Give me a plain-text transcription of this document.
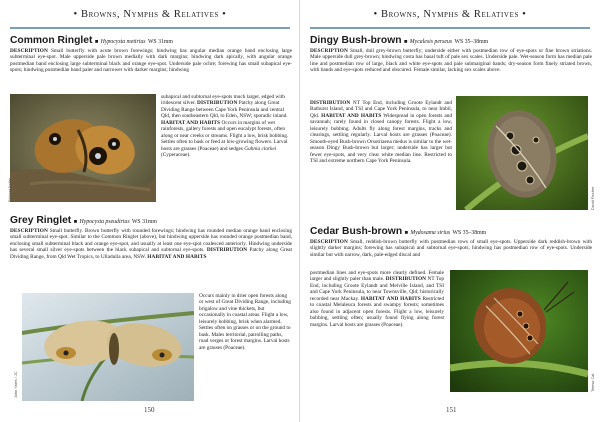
• Browns, Nymphs & Relatives •
Common Ringlet ■ Hypocysta metirius WS 31mm
DESCRIPTION Small butterfly with acute brown forewings; hindwing has angular median orange band enclosing large subterminal eye-spot. Male upperside pale brown medially with dark margins; hindwing dark apically, with angular orange postmedian band enclosing large subterminal black and orange eye-spot. Underside pale ochre; forewing has small subapical eye-spots; hindwing postmedian band paler and narrower with darker margins; hindwing
Richard Keller
subapical and subtornal eye-spots much larger, edged with iridescent silver. DISTRIBUTION Patchy along Great Dividing Range between Cape York Peninsula and central Qld, then southeastern Qld, to Eden, NSW; sporadic inland. HABITAT AND HABITS Occurs in margins of wet rainforests, gallery forests and open eucalypt forests, often along or near creeks or streams. Flight a low, brisk bobbing. Settles often to bask or feed at low-growing flowers. Larval hosts are grasses (Poaceae) and sedges Gahnia clarkei (Cyperaceae).
Grey Ringlet ■ Hypocysta pseudirius WS 31mm
DESCRIPTION Small butterfly. Brown butterfly with rounded forewings; hindwing has rounded median orange band enclosing small subterminal eye-spot. Similar to the Common Ringlet (above), but hindwing upperside has rounded orange postmedian band, enclosing small subterminal black and orange eye-spot, and usually at least one eye-spot coalesced anteriorly. Hindwing underside has several small silver eye-spots between the black subapical and subtornal eye-spots. DISTRIBUTION Patchy along Great Dividing Range, from Qld Wet Tropics, to Ulladulla area, NSW. HABITAT AND HABITS
John Yates / JC
Occurs mainly in drier open forests along or west of Great Dividing Range, including brigalow and vine thickets, but occasionally in coastal areas. Flight a low, leisurely bobbing, brisk when alarmed. Settles often on grasses or on the ground to bask. Males territorial, patrolling paths, road verges or forest margins. Larval hosts are grasses (Poaceae).
150
• Browns, Nymphs & Relatives •
Dingy Bush-brown ■ Mycalesis perseus WS 35–38mm
DESCRIPTION Small, dull grey-brown butterfly; underside either with postmedian row of eye-spots or fine brown striations. Male upperside dull grey-brown; hindwing costa has basal tuft of pale sex scales. Underside pale. Wet-season form has median pale line and postmedian row of large, black and white eye-spots and pale submarginal bands; dry-season form finely striated brown, with bands and eye-spots reduced and obscured. Female similar, lacking sex scales above.
DISTRIBUTION NT Top End, including Groote Eylandt and Bathurst Island, and TSI and Cape York Peninsula, to near Imbil, Qld. HABITAT AND HABITS Widespread in open forests and savannah; rarely found in closed canopy forests. Flight a low, leisurely bobbing. Adults fly along forest margins, tracks and clearings, settling regularly. Larval hosts are grasses (Poaceae). Smooth-eyed Bush-brown Orsotriaena medus is similar to the wet-season Dingy Bush-brown but larger; underside has larger but fewer eye-spots, and very clear white median line. Restricted to TSI and extreme northern Cape York Peninsula.
David Fischer
Cedar Bush-brown ■ Mydosama sirius WS 35–38mm
DESCRIPTION Small, reddish-brown butterfly with postmedian rows of small eye-spots. Upperside dark reddish-brown with slightly darker margins; forewing has subapical and subtornal eye-spots; hindwing has postmedian row of eye-spots. Underside similar but with narrow, dark, pale-edged discal and
postmedian lines and eye-spots more clearly defined. Female larger and slightly paler than male. DISTRIBUTION NT Top End, including Groote Eylandt and Melville Island, and TSI and Cape York Peninsula, to near Townsville, Qld; historically recorded near Mackay. HABITAT AND HABITS Restricted to coastal Melaleuca forests and swampy forests; sometimes also found in adjacent open forests. Flight a low, leisurely bobbing, settling often; usually found flying along forest margins. Larval hosts are grasses (Poaceae).
Teresa Cat
151
